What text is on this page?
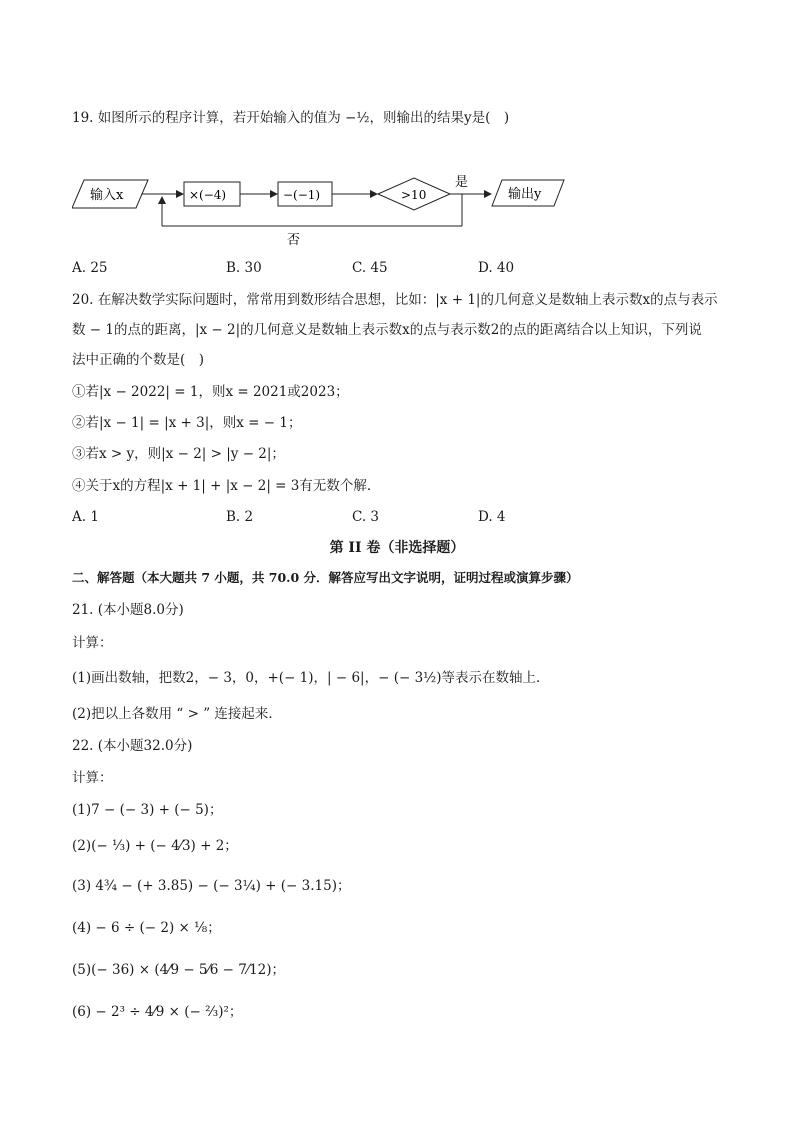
19. 如图所示的程序计算，若开始输入的值为 −½，则输出的结果y是(　)
输入x	×(−4)	−(−1)	>10
是
输出y
否
A. 25	B. 30	C. 45	D. 40
20. 在解决数学实际问题时，常常用到数形结合思想，比如：|x + 1|的几何意义是数轴上表示数x的点与表示
数 − 1的点的距离，|x − 2|的几何意义是数轴上表示数x的点与表示数2的点的距离结合以上知识，下列说
法中正确的个数是(　)
①若|x − 2022| = 1，则x = 2021或2023；
②若|x − 1| = |x + 3|，则x = − 1；
③若x > y，则|x − 2| > |y − 2|；
④关于x的方程|x + 1| + |x − 2| = 3有无数个解．
A. 1	B. 2	C. 3	D. 4
第 II 卷（非选择题）
二、解答题（本大题共 7 小题，共 70.0 分．解答应写出文字说明，证明过程或演算步骤）
21. (本小题8.0分)
计算：
(1)画出数轴，把数2，− 3，0，+(− 1)，| − 6|，− (− 3½)等表示在数轴上．
(2)把以上各数用 “ > ” 连接起来．
22. (本小题32.0分)
计算：
(1)7 − (− 3) + (− 5)；
(2)(− ⅓) + (− 4⁄3) + 2；
(3) 4¾ − (+ 3.85) − (− 3¼) + (− 3.15)；
(4) − 6 ÷ (− 2) × ⅛；
(5)(− 36) × (4⁄9 − 5⁄6 − 7⁄12)；
(6) − 2³ ÷ 4⁄9 × (− ⅔)²；
